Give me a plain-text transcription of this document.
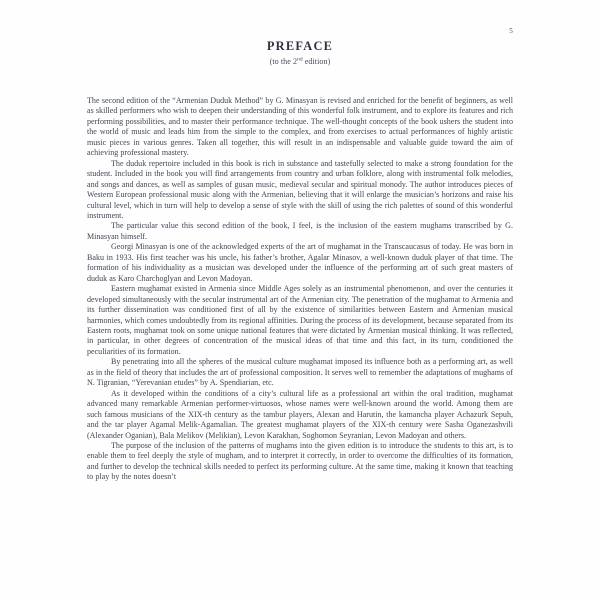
5
PREFACE
(to the 2nd edition)

The second edition of the “Armenian Duduk Method” by G. Minasyan is revised and enriched for the benefit of beginners, as well as skilled performers who wish to deepen their understanding of this wonderful folk instrument, and to explore its features and rich performing possibilities, and to master their performance technique. The well-thought concepts of the book ushers the student into the world of music and leads him from the simple to the complex, and from exercises to actual performances of highly artistic music pieces in various genres. Taken all together, this will result in an indispensable and valuable guide toward the aim of achieving professional mastery.

The duduk repertoire included in this book is rich in substance and tastefully selected to make a strong foundation for the student. Included in the book you will find arrangements from country and urban folklore, along with instrumental folk melodies, and songs and dances, as well as samples of gusan music, medieval secular and spiritual monody. The author introduces pieces of Western European professional music along with the Armenian, believing that it will enlarge the musician’s horizons and raise his cultural level, which in turn will help to develop a sense of style with the skill of using the rich palettes of sound of this wonderful instrument.

The particular value this second edition of the book, I feel, is the inclusion of the eastern mughams transcribed by G. Minasyan himself.

Georgi Minasyan is one of the acknowledged experts of the art of mughamat in the Transcaucasus of today. He was born in Baku in 1933. His first teacher was his uncle, his father’s brother, Agalar Minasov, a well-known duduk player of that time. The formation of his individuality as a musician was developed under the influence of the performing art of such great masters of duduk as Karo Charchoglyan and Levon Madoyan.

Eastern mughamat existed in Armenia since Middle Ages solely as an instrumental phenomenon, and over the centuries it developed simultaneously with the secular instrumental art of the Armenian city. The penetration of the mughamat to Armenia and its further dissemination was conditioned first of all by the existence of similarities between Eastern and Armenian musical harmonies, which comes undoubtedly from its regional affinities. During the process of its development, because separated from its Eastern roots, mughamat took on some unique national features that were dictated by Armenian musical thinking. It was reflected, in particular, in other degrees of concentration of the musical ideas of that time and this fact, in its turn, conditioned the peculiarities of its formation.

By penetrating into all the spheres of the musical culture mughamat imposed its influence both as a performing art, as well as in the field of theory that includes the art of professional composition. It serves well to remember the adaptations of mughams of N. Tigranian, “Yerevanian etudes” by A. Spendiarian, etc.

As it developed within the conditions of a city’s cultural life as a professional art within the oral tradition, mughamat advanced many remarkable Armenian performer-virtuosos, whose names were well-known around the world. Among them are such famous musicians of the XIX-th century as the tambur players, Alexan and Harutin, the kamancha player Achazurk Sepuh, and the tar player Agamal Melik-Agamalian. The greatest mughamat players of the XIX-th century were Sasha Oganezashvili (Alexander Oganian), Bala Melikov (Melikian), Levon Karakhan, Soghomon Seyranian, Levon Madoyan and others.

The purpose of the inclusion of the patterns of mughams into the given edition is to introduce the students to this art, is to enable them to feel deeply the style of mugham, and to interpret it correctly, in order to overcome the difficulties of its formation, and further to develop the technical skills needed to perfect its performing culture. At the same time, making it known that teaching to play by the notes doesn’t
